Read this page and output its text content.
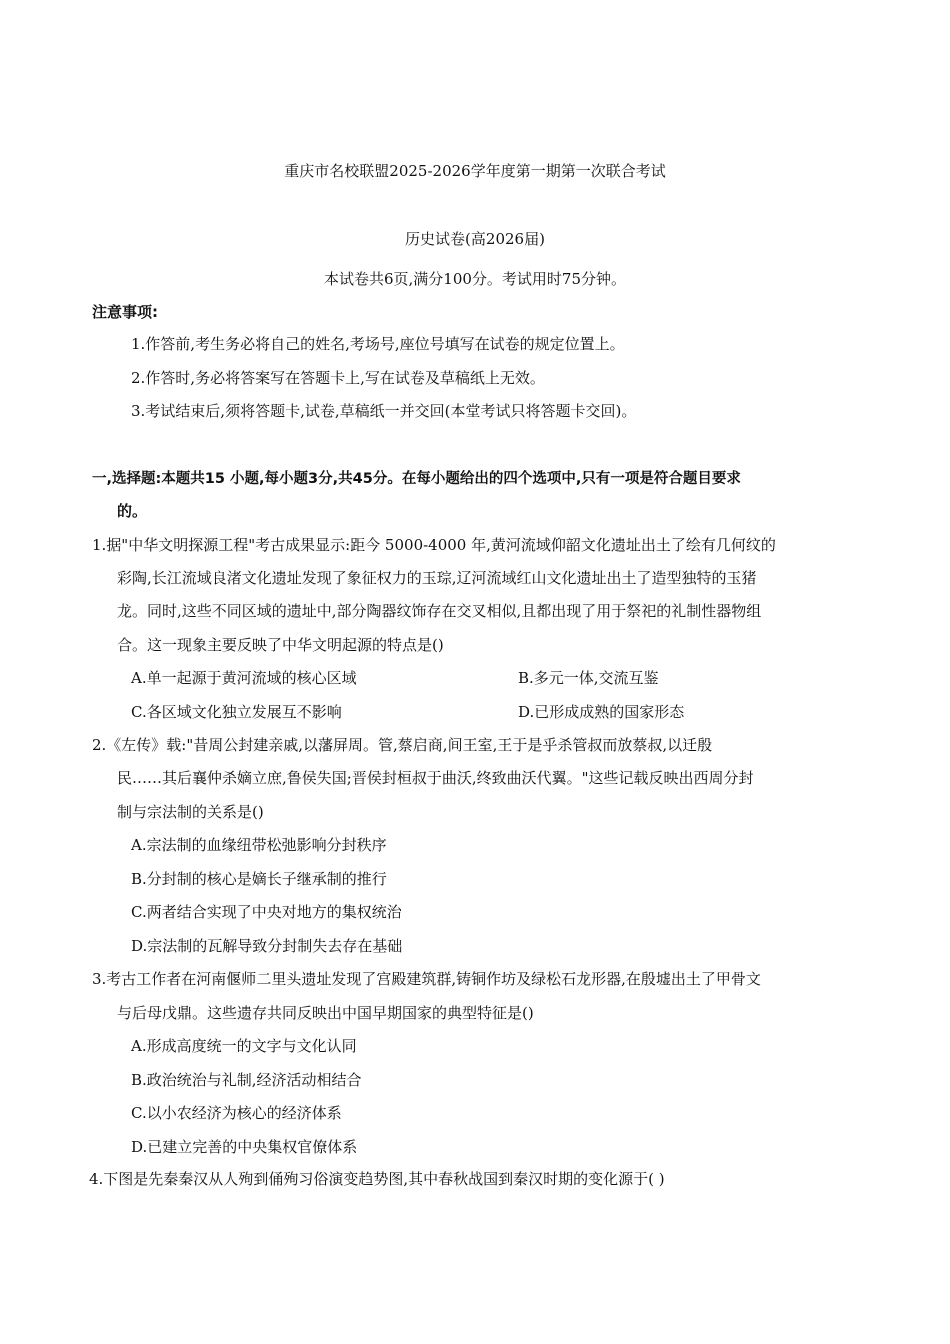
重庆市名校联盟2025-2026学年度第一期第一次联合考试
历史试卷(高2026届)
本试卷共6页,满分100分。考试用时75分钟。
注意事项:
1.作答前,考生务必将自己的姓名,考场号,座位号填写在试卷的规定位置上。
2.作答时,务必将答案写在答题卡上,写在试卷及草稿纸上无效。
3.考试结束后,须将答题卡,试卷,草稿纸一并交回(本堂考试只将答题卡交回)。
一,选择题:本题共15 小题,每小题3分,共45分。在每小题给出的四个选项中,只有一项是符合题目要求
的。
1.据"中华文明探源工程"考古成果显示:距今 5000-4000 年,黄河流域仰韶文化遗址出土了绘有几何纹的
彩陶,长江流域良渚文化遗址发现了象征权力的玉琮,辽河流域红山文化遗址出土了造型独特的玉猪
龙。同时,这些不同区域的遗址中,部分陶器纹饰存在交叉相似,且都出现了用于祭祀的礼制性器物组
合。这一现象主要反映了中华文明起源的特点是()
A.单一起源于黄河流域的核心区域	B.多元一体,交流互鉴
C.各区域文化独立发展互不影响	D.已形成成熟的国家形态
2.《左传》载:"昔周公封建亲戚,以藩屏周。管,蔡启商,间王室,王于是乎杀管叔而放蔡叔,以迁殷
民……其后襄仲杀嫡立庶,鲁侯失国;晋侯封桓叔于曲沃,终致曲沃代翼。"这些记载反映出西周分封
制与宗法制的关系是()
A.宗法制的血缘纽带松弛影响分封秩序
B.分封制的核心是嫡长子继承制的推行
C.两者结合实现了中央对地方的集权统治
D.宗法制的瓦解导致分封制失去存在基础
3.考古工作者在河南偃师二里头遗址发现了宫殿建筑群,铸铜作坊及绿松石龙形器,在殷墟出土了甲骨文
与后母戊鼎。这些遗存共同反映出中国早期国家的典型特征是()
A.形成高度统一的文字与文化认同
B.政治统治与礼制,经济活动相结合
C.以小农经济为核心的经济体系
D.已建立完善的中央集权官僚体系
4.下图是先秦秦汉从人殉到俑殉习俗演变趋势图,其中春秋战国到秦汉时期的变化源于( )
